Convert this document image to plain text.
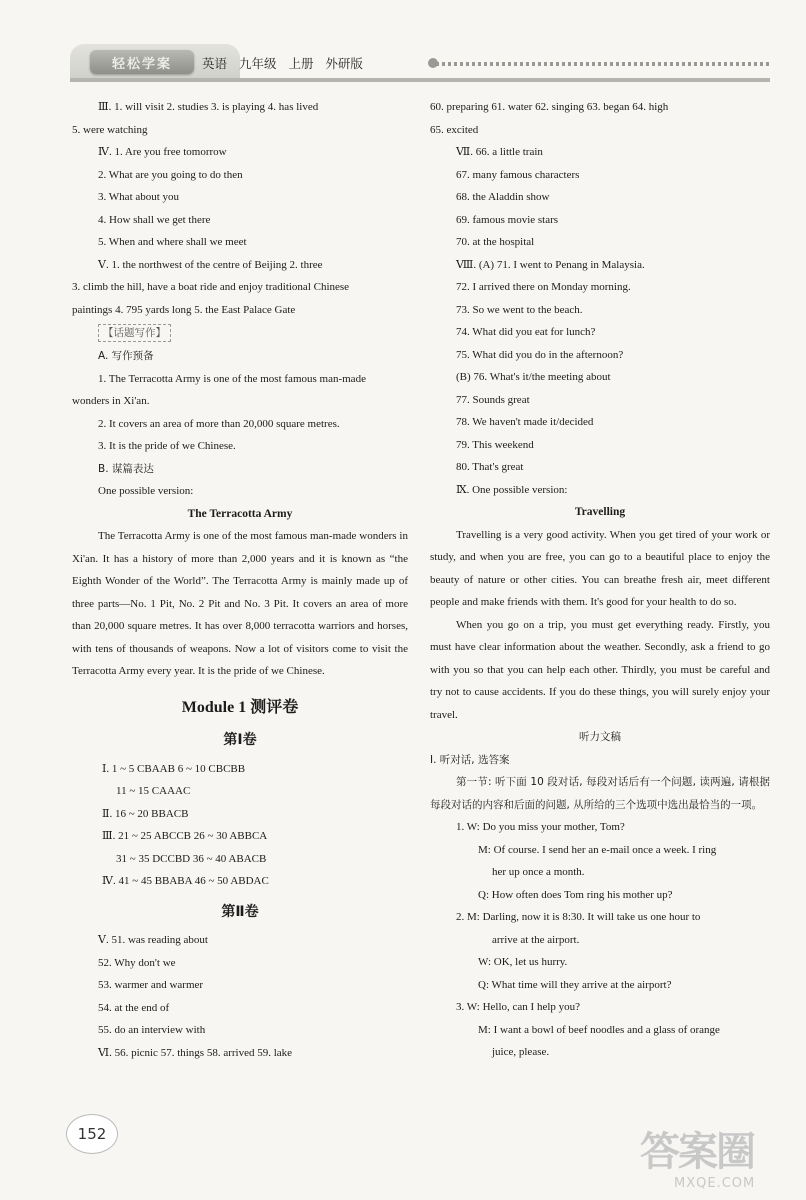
轻松学案	英语 九年级 上册 外研版
Ⅲ. 1. will visit 2. studies 3. is playing 4. has lived
5. were watching
Ⅳ. 1. Are you free tomorrow
2. What are you going to do then
3. What about you
4. How shall we get there
5. When and where shall we meet
Ⅴ. 1. the northwest of the centre of Beijing 2. three
3. climb the hill, have a boat ride and enjoy traditional Chinese
paintings 4. 795 yards long 5. the East Palace Gate
【话题写作】
A. 写作预备
1. The Terracotta Army is one of the most famous man-made
wonders in Xi'an.
2. It covers an area of more than 20,000 square metres.
3. It is the pride of we Chinese.
B. 谋篇表达
One possible version:
The Terracotta Army
The Terracotta Army is one of the most famous man-made wonders in Xi'an. It has a history of more than 2,000 years and it is known as “the Eighth Wonder of the World”. The Terracotta Army is mainly made up of three parts—No. 1 Pit, No. 2 Pit and No. 3 Pit. It covers an area of more than 20,000 square metres. It has over 8,000 terracotta warriors and horses, with tens of thousands of weapons. Now a lot of visitors come to visit the Terracotta Army every year. It is the pride of we Chinese.
Module 1 测评卷
第Ⅰ卷
Ⅰ. 1 ~ 5 CBAAB 6 ~ 10 CBCBB
11 ~ 15 CAAAC
Ⅱ. 16 ~ 20 BBACB
Ⅲ. 21 ~ 25 ABCCB 26 ~ 30 ABBCA
31 ~ 35 DCCBD 36 ~ 40 ABACB
Ⅳ. 41 ~ 45 BBABA 46 ~ 50 ABDAC
第Ⅱ卷
Ⅴ. 51. was reading about
52. Why don't we
53. warmer and warmer
54. at the end of
55. do an interview with
Ⅵ. 56. picnic 57. things 58. arrived 59. lake
60. preparing 61. water 62. singing 63. began 64. high
65. excited
Ⅶ. 66. a little train
67. many famous characters
68. the Aladdin show
69. famous movie stars
70. at the hospital
Ⅷ. (A) 71. I went to Penang in Malaysia.
72. I arrived there on Monday morning.
73. So we went to the beach.
74. What did you eat for lunch?
75. What did you do in the afternoon?
(B) 76. What's it/the meeting about
77. Sounds great
78. We haven't made it/decided
79. This weekend
80. That's great
Ⅸ. One possible version:
Travelling
Travelling is a very good activity. When you get tired of your work or study, and when you are free, you can go to a beautiful place to enjoy the beauty of nature or other cities. You can breathe fresh air, meet different people and make friends with them. It's good for your health to do so.
When you go on a trip, you must get everything ready. Firstly, you must have clear information about the weather. Secondly, ask a friend to go with you so that you can help each other. Thirdly, you must be careful and try not to cause accidents. If you do these things, you will surely enjoy your travel.
听力文稿
Ⅰ. 听对话, 选答案
第一节: 听下面 10 段对话, 每段对话后有一个问题, 读两遍, 请根据每段对话的内容和后面的问题, 从所给的三个选项中选出最恰当的一项。
1. W: Do you miss your mother, Tom?
M: Of course. I send her an e-mail once a week. I ring
her up once a month.
Q: How often does Tom ring his mother up?
2. M: Darling, now it is 8:30. It will take us one hour to
arrive at the airport.
W: OK, let us hurry.
Q: What time will they arrive at the airport?
3. W: Hello, can I help you?
M: I want a bowl of beef noodles and a glass of orange
juice, please.
152	答案圈
MXQE.COM
